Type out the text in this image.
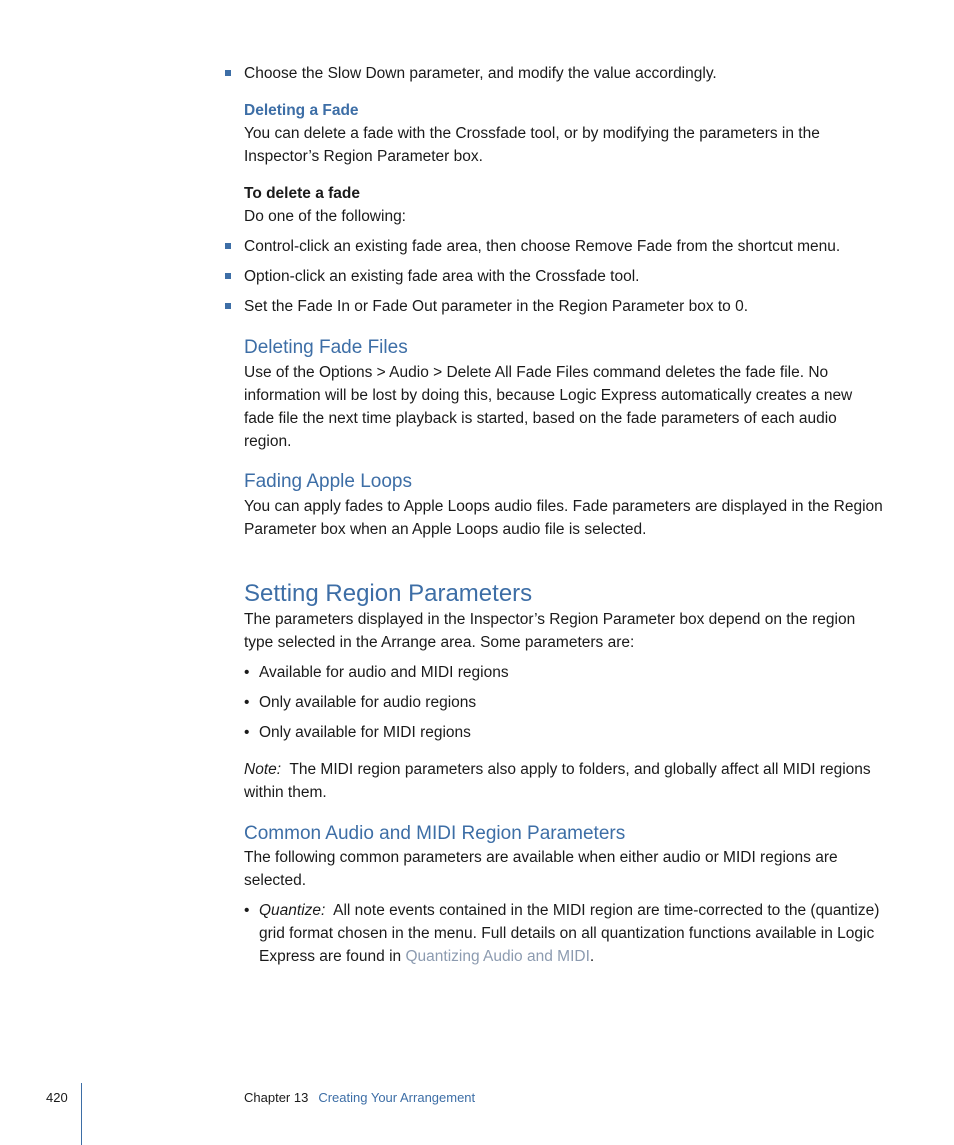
Choose the Slow Down parameter, and modify the value accordingly.
Deleting a Fade
You can delete a fade with the Crossfade tool, or by modifying the parameters in the Inspector’s Region Parameter box.
To delete a fade
Do one of the following:
Control-click an existing fade area, then choose Remove Fade from the shortcut menu.
Option-click an existing fade area with the Crossfade tool.
Set the Fade In or Fade Out parameter in the Region Parameter box to 0.
Deleting Fade Files
Use of the Options > Audio > Delete All Fade Files command deletes the fade file. No information will be lost by doing this, because Logic Express automatically creates a new fade file the next time playback is started, based on the fade parameters of each audio region.
Fading Apple Loops
You can apply fades to Apple Loops audio files. Fade parameters are displayed in the Region Parameter box when an Apple Loops audio file is selected.
Setting Region Parameters
The parameters displayed in the Inspector’s Region Parameter box depend on the region type selected in the Arrange area. Some parameters are:
• Available for audio and MIDI regions
• Only available for audio regions
• Only available for MIDI regions
Note: The MIDI region parameters also apply to folders, and globally affect all MIDI regions within them.
Common Audio and MIDI Region Parameters
The following common parameters are available when either audio or MIDI regions are selected.
• Quantize: All note events contained in the MIDI region are time-corrected to the (quantize) grid format chosen in the menu. Full details on all quantization functions available in Logic Express are found in Quantizing Audio and MIDI.
420	Chapter 13 Creating Your Arrangement
